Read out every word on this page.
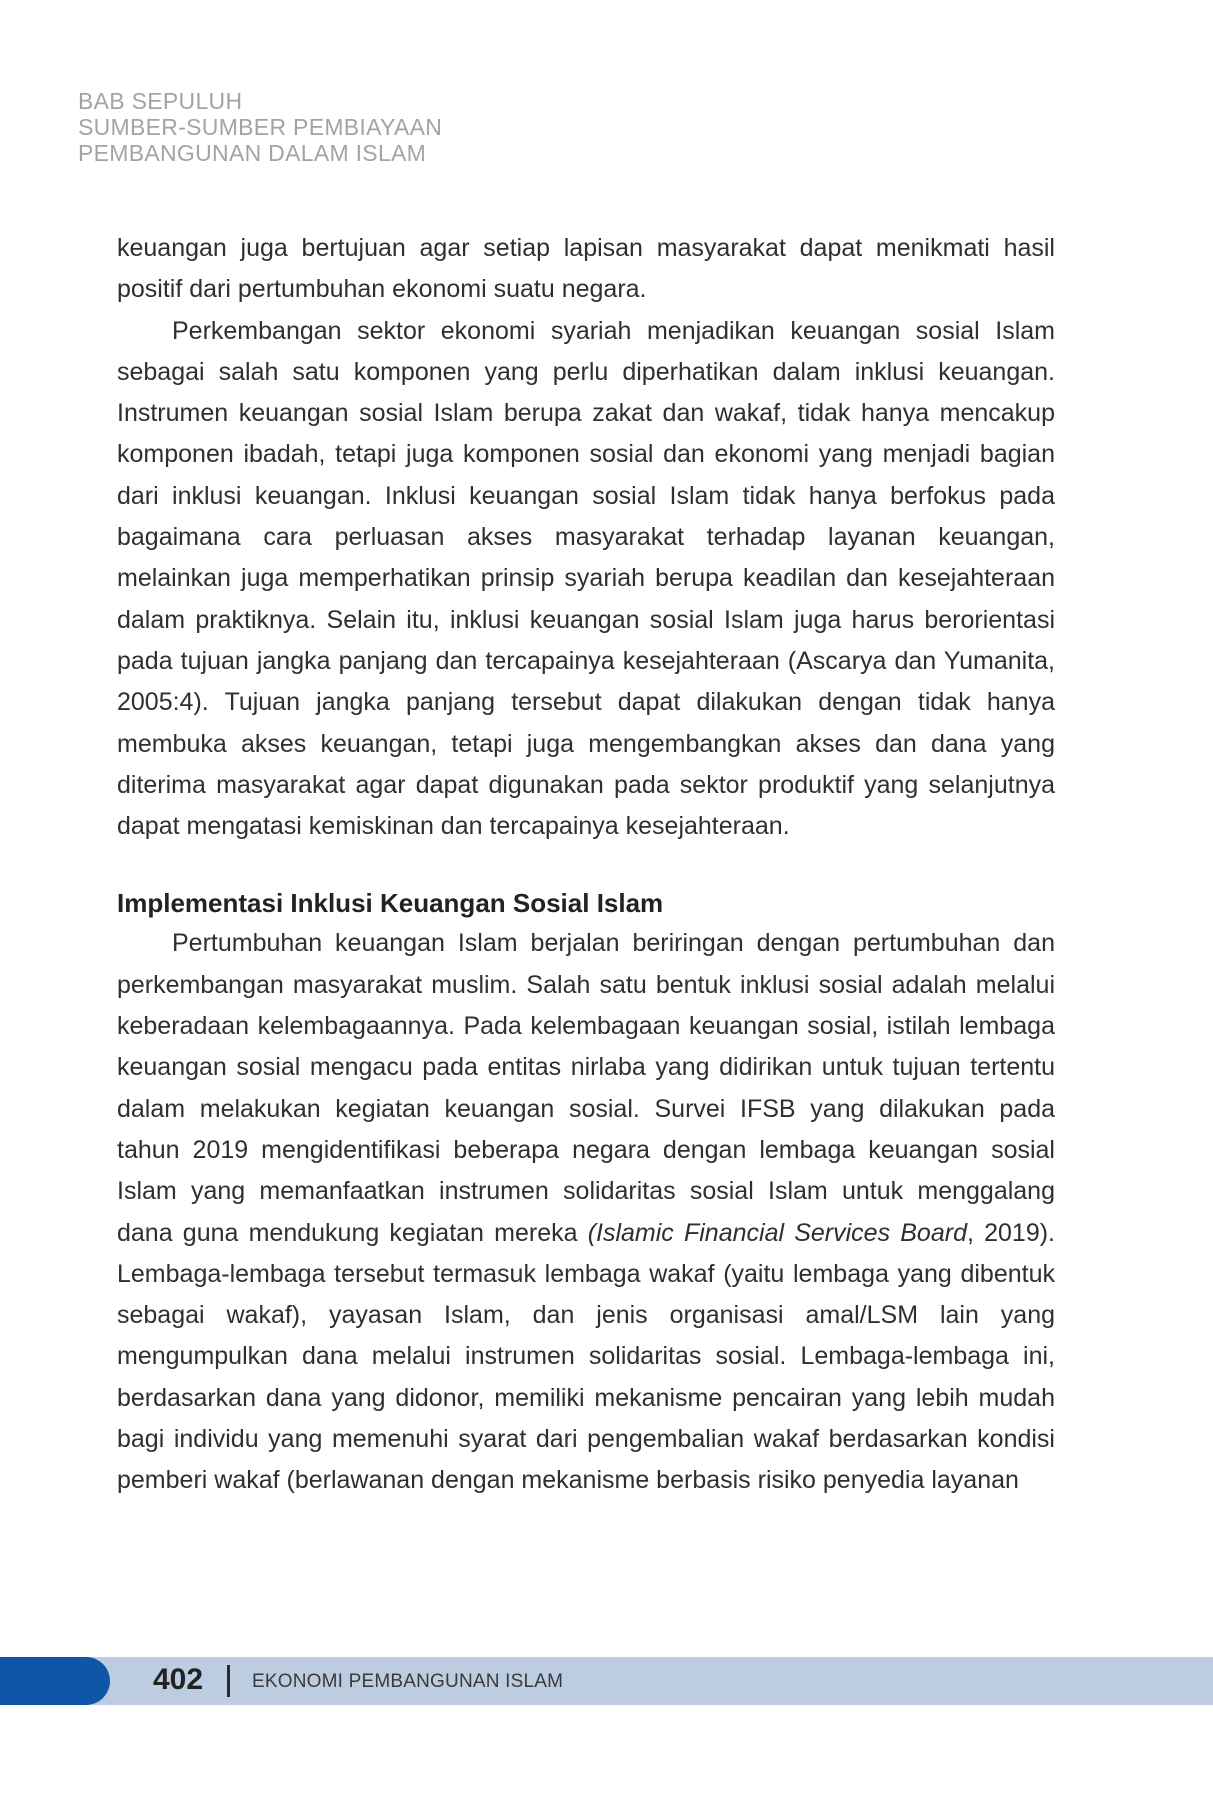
BAB SEPULUH
SUMBER-SUMBER PEMBIAYAAN
PEMBANGUNAN DALAM ISLAM

keuangan juga bertujuan agar setiap lapisan masyarakat dapat menikmati hasil positif dari pertumbuhan ekonomi suatu negara.

Perkembangan sektor ekonomi syariah menjadikan keuangan sosial Islam sebagai salah satu komponen yang perlu diperhatikan dalam inklusi keuangan. Instrumen keuangan sosial Islam berupa zakat dan wakaf, tidak hanya mencakup komponen ibadah, tetapi juga komponen sosial dan ekonomi yang menjadi bagian dari inklusi keuangan. Inklusi keuangan sosial Islam tidak hanya berfokus pada bagaimana cara perluasan akses masyarakat terhadap layanan keuangan, melainkan juga memperhatikan prinsip syariah berupa keadilan dan kesejahteraan dalam praktiknya. Selain itu, inklusi keuangan sosial Islam juga harus berorientasi pada tujuan jangka panjang dan tercapainya kesejahteraan (Ascarya dan Yumanita, 2005:4). Tujuan jangka panjang tersebut dapat dilakukan dengan tidak hanya membuka akses keuangan, tetapi juga mengembangkan akses dan dana yang diterima masyarakat agar dapat digunakan pada sektor produktif yang selanjutnya dapat mengatasi kemiskinan dan tercapainya kesejahteraan.

Implementasi Inklusi Keuangan Sosial Islam

Pertumbuhan keuangan Islam berjalan beriringan dengan pertumbuhan dan perkembangan masyarakat muslim. Salah satu bentuk inklusi sosial adalah melalui keberadaan kelembagaannya. Pada kelembagaan keuangan sosial, istilah lembaga keuangan sosial mengacu pada entitas nirlaba yang didirikan untuk tujuan tertentu dalam melakukan kegiatan keuangan sosial. Survei IFSB yang dilakukan pada tahun 2019 mengidentifikasi beberapa negara dengan lembaga keuangan sosial Islam yang memanfaatkan instrumen solidaritas sosial Islam untuk menggalang dana guna mendukung kegiatan mereka (Islamic Financial Services Board, 2019). Lembaga-lembaga tersebut termasuk lembaga wakaf (yaitu lembaga yang dibentuk sebagai wakaf), yayasan Islam, dan jenis organisasi amal/LSM lain yang mengumpulkan dana melalui instrumen solidaritas sosial. Lembaga-lembaga ini, berdasarkan dana yang didonor, memiliki mekanisme pencairan yang lebih mudah bagi individu yang memenuhi syarat dari pengembalian wakaf berdasarkan kondisi pemberi wakaf (berlawanan dengan mekanisme berbasis risiko penyedia layanan

402	EKONOMI PEMBANGUNAN ISLAM
